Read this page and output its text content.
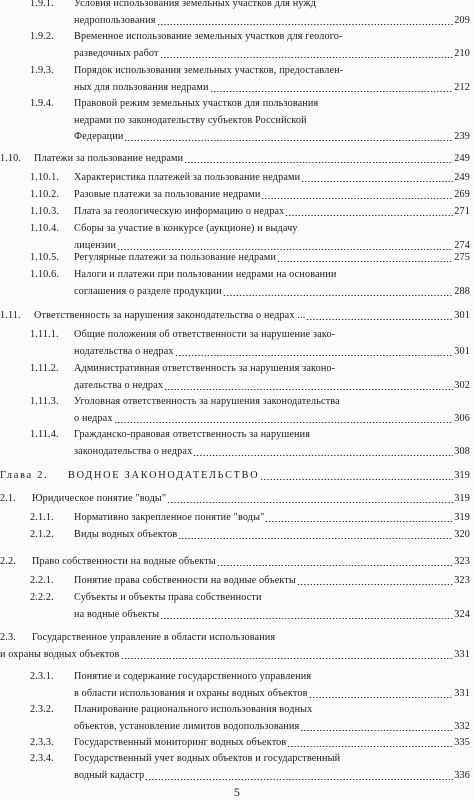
1.9.1. Условия использования земельных участков для нужд
недропользования	209
1.9.2. Временное использование земельных участков для геолого-
разведочных работ	210
1.9.3. Порядок использования земельных участков, предоставлен-
ных для пользования недрами	212
1.9.4. Правовой режим земельных участков для пользования
недрами по законодательству субъектов Российской
Федерации	239
1.10. Платежи за пользование недрами	249
1.10.1. Характеристика платежей за пользование недрами	249
1.10.2. Разовые платежи за пользование недрами	269
1.10.3. Плата за геологическую информацию о недрах	271
1.10.4. Сборы за участие в конкурсе (аукционе) и выдачу
лицензии	274
1.10.5. Регулярные платежи за пользование недрами	275
1.10.6. Налоги и платежи при пользовании недрами на основании
соглашения о разделе продукции	288
1.11. Ответственность за нарушения законодательства о недрах ...	301
1.11.1. Общие положения об ответственности за нарушение зако-
нодательства о недрах	301
1.11.2. Административная ответственность за нарушения законо-
дательства о недрах	302
1.11.3. Уголовная ответственность за нарушения законодательства
о недрах	306
1.11.4. Гражданско-правовая ответственность за нарушения
законодательства о недрах	308
Глава 2. ВОДНОЕ ЗАКОНОДАТЕЛЬСТВО	319
2.1. Юридическое понятие "воды"	319
2.1.1. Нормативно закрепленное понятие "воды"	319
2.1.2. Виды водных объектов	320
2.2. Право собственности на водные объекты	323
2.2.1. Понятие права собственности на водные объекты	323
2.2.2. Субъекты и объекты права собственности
на водные объекты	324
2.3. Государственное управление в области использования
и охраны водных объектов	331
2.3.1. Понятие и содержание государственного управления
в области использования и охраны водных объектов	331
2.3.2. Планирование рационального использования водных
объектов, установление лимитов водопользования	332
2.3.3. Государственный мониторинг водных объектов	335
2.3.4. Государственный учет водных объектов и государственный
водный кадастр	336
5
